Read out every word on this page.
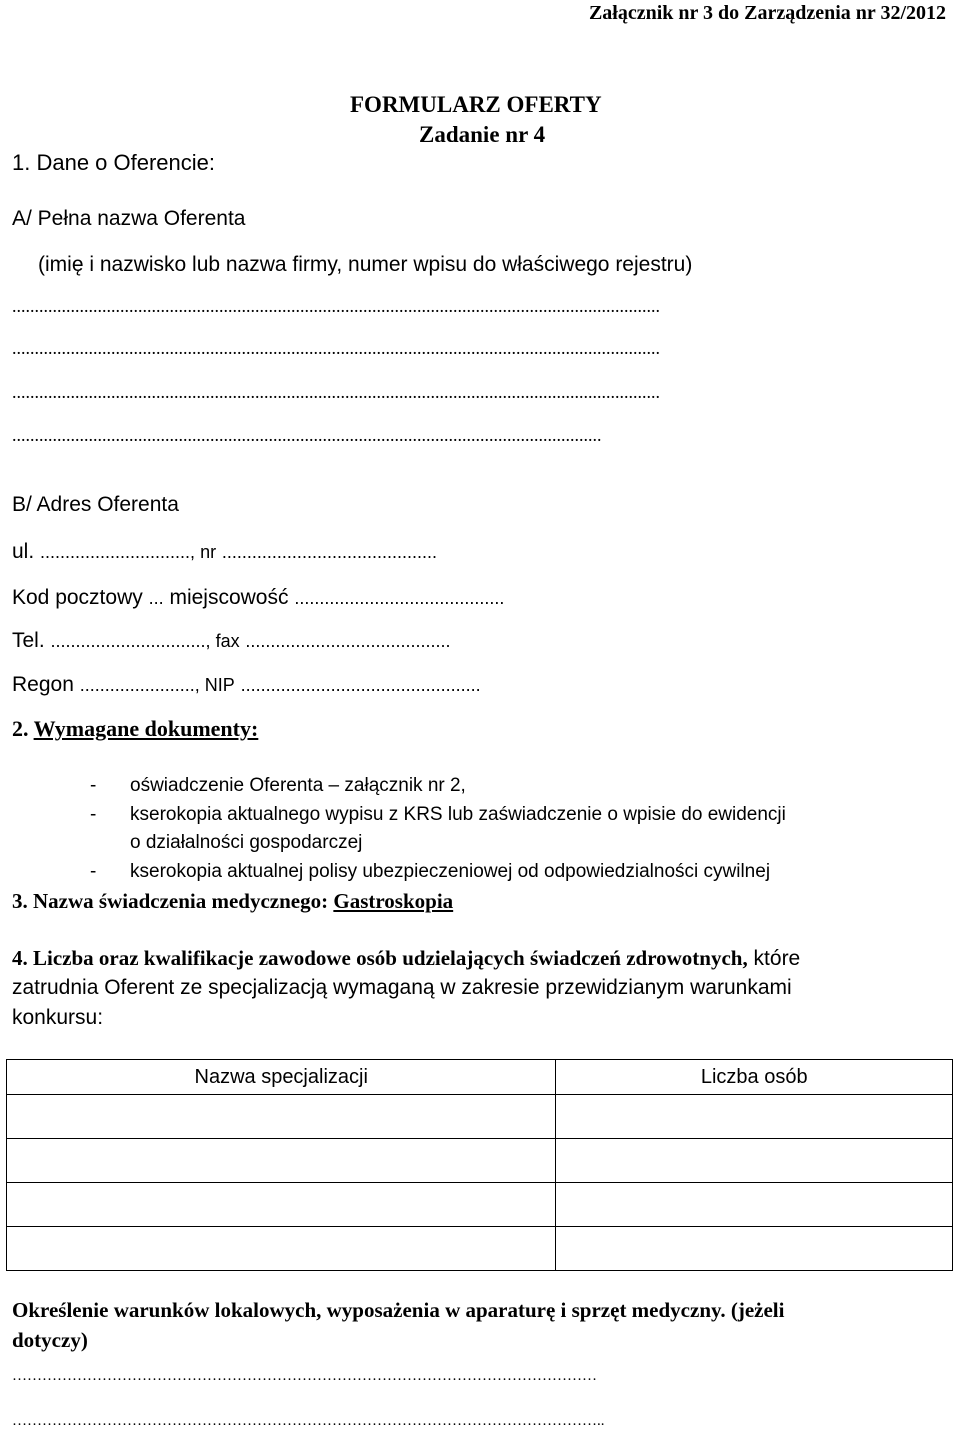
Załącznik nr 3 do Zarządzenia nr 32/2012
FORMULARZ OFERTY
Zadanie nr 4
1. Dane o Oferencie:
A/ Pełna nazwa Oferenta
(imię i nazwisko lub nazwa firmy, numer wpisu do właściwego rejestru)
................................................................................................................................................
................................................................................................................................................
................................................................................................................................................
...................................................................................................................................
B/ Adres Oferenta
ul. .............................., nr ...........................................
Kod pocztowy ... miejscowość ..........................................
Tel. ..............................., fax .........................................
Regon ......................., NIP ................................................
2. Wymagane dokumenty:
- oświadczenie Oferenta – załącznik nr 2,
- kserokopia aktualnego wypisu z KRS lub zaświadczenie o wpisie do ewidencji
o działalności gospodarczej
- kserokopia aktualnej polisy ubezpieczeniowej od odpowiedzialności cywilnej
3. Nazwa świadczenia medycznego: Gastroskopia
4. Liczba oraz kwalifikacje zawodowe osób udzielających świadczeń zdrowotnych, które
zatrudnia Oferent ze specjalizacją wymaganą w zakresie przewidzianym warunkami
konkursu:
Nazwa specjalizacji	Liczba osób

Określenie warunków lokalowych, wyposażenia w aparaturę i sprzęt medyczny. (jeżeli
dotyczy)
………………………………………………………………………………………………………
………………………………………………………………………………………………………..
